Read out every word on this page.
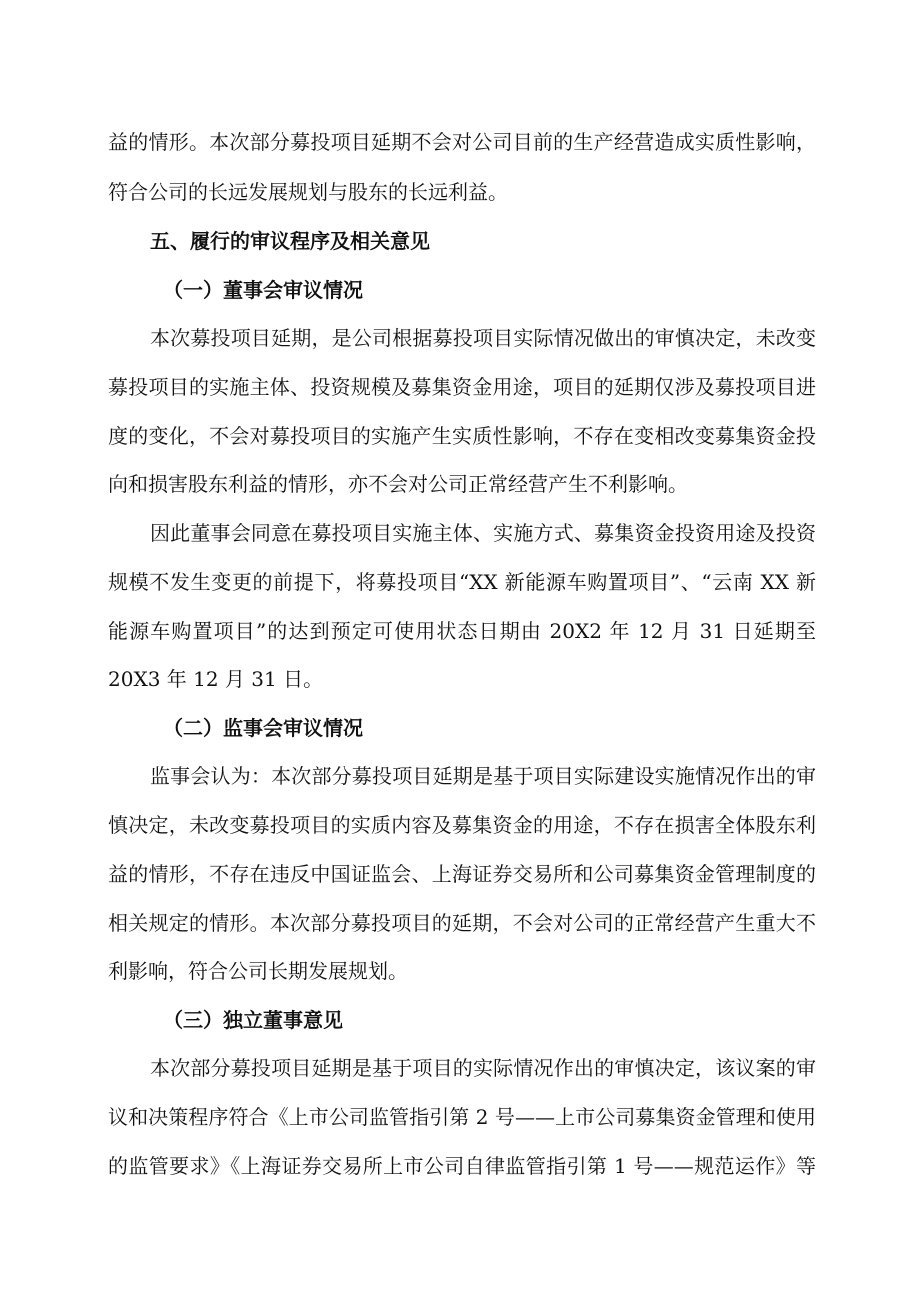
益的情形。本次部分募投项目延期不会对公司目前的生产经营造成实质性影响，
符合公司的长远发展规划与股东的长远利益。
五、履行的审议程序及相关意见
（一）董事会审议情况
本次募投项目延期，是公司根据募投项目实际情况做出的审慎决定，未改变
募投项目的实施主体、投资规模及募集资金用途，项目的延期仅涉及募投项目进
度的变化，不会对募投项目的实施产生实质性影响，不存在变相改变募集资金投
向和损害股东利益的情形，亦不会对公司正常经营产生不利影响。
因此董事会同意在募投项目实施主体、实施方式、募集资金投资用途及投资
规模不发生变更的前提下，将募投项目“XX 新能源车购置项目”、“云南 XX 新
能源车购置项目”的达到预定可使用状态日期由 20X2 年 12 月 31 日延期至
20X3 年 12 月 31 日。
（二）监事会审议情况
监事会认为：本次部分募投项目延期是基于项目实际建设实施情况作出的审
慎决定，未改变募投项目的实质内容及募集资金的用途，不存在损害全体股东利
益的情形，不存在违反中国证监会、上海证券交易所和公司募集资金管理制度的
相关规定的情形。本次部分募投项目的延期，不会对公司的正常经营产生重大不
利影响，符合公司长期发展规划。
（三）独立董事意见
本次部分募投项目延期是基于项目的实际情况作出的审慎决定，该议案的审
议和决策程序符合《上市公司监管指引第 2 号——上市公司募集资金管理和使用
的监管要求》《上海证券交易所上市公司自律监管指引第 1 号——规范运作》等
